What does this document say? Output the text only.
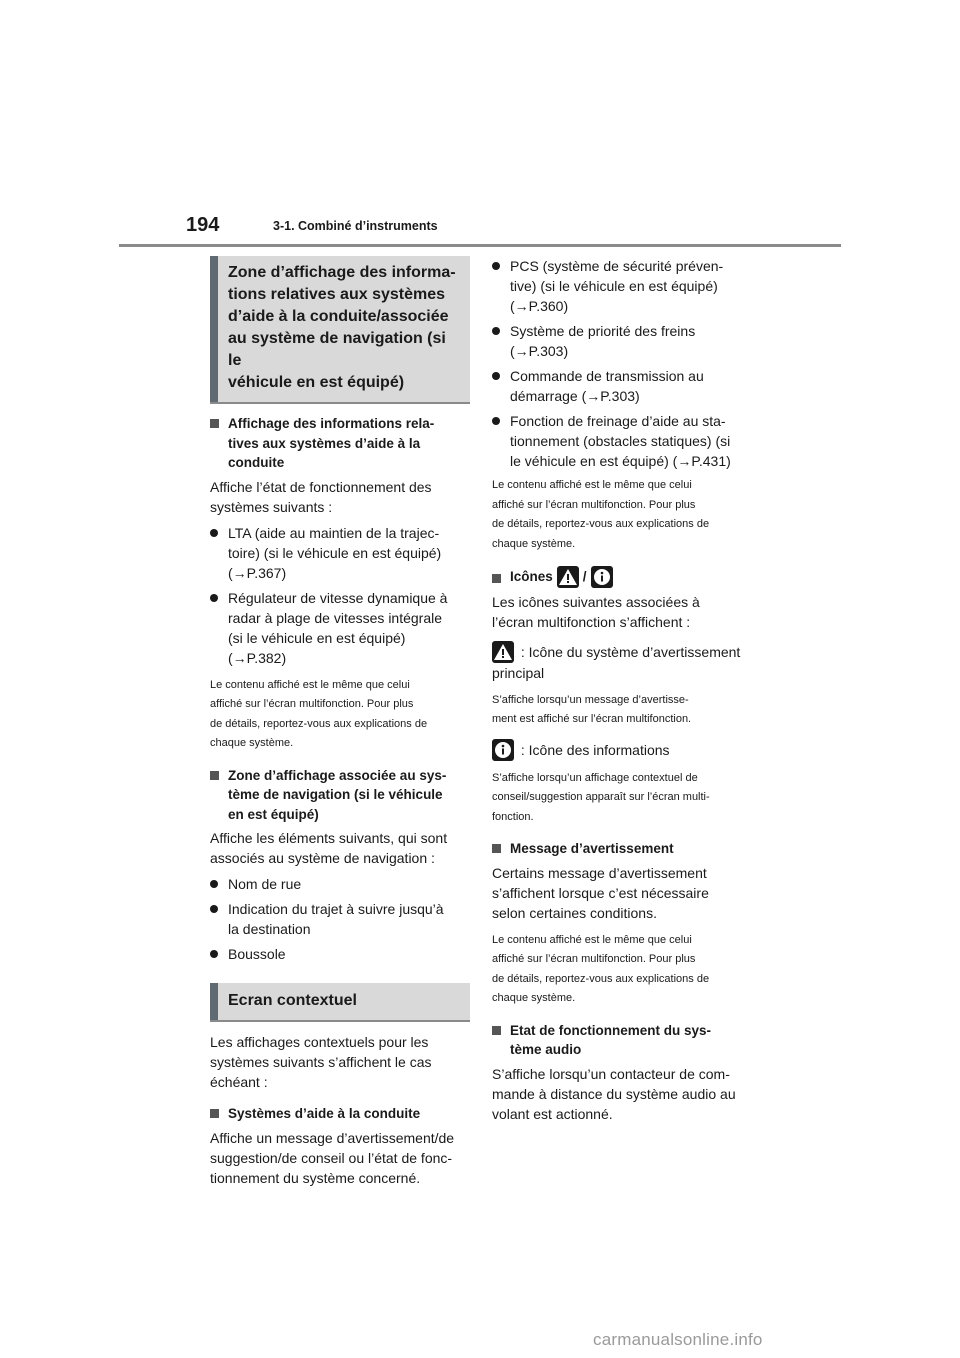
194	3-1. Combiné d’instruments
Zone d’affichage des informa-
tions relatives aux systèmes
d’aide à la conduite/associée
au système de navigation (si le
véhicule en est équipé)
Affichage des informations rela-
tives aux systèmes d’aide à la
conduite
Affiche l’état de fonctionnement des
systèmes suivants :
LTA (aide au maintien de la trajec-
toire) (si le véhicule en est équipé)
(→P.367)
Régulateur de vitesse dynamique à
radar à plage de vitesses intégrale
(si le véhicule en est équipé)
(→P.382)
Le contenu affiché est le même que celui
affiché sur l’écran multifonction. Pour plus
de détails, reportez-vous aux explications de
chaque système.
Zone d’affichage associée au sys-
tème de navigation (si le véhicule
en est équipé)
Affiche les éléments suivants, qui sont
associés au système de navigation :
Nom de rue
Indication du trajet à suivre jusqu’à
la destination
Boussole
Ecran contextuel
Les affichages contextuels pour les
systèmes suivants s’affichent le cas
échéant :
Systèmes d’aide à la conduite
Affiche un message d’avertissement/de
suggestion/de conseil ou l’état de fonc-
tionnement du système concerné.
PCS (système de sécurité préven-
tive) (si le véhicule en est équipé)
(→P.360)
Système de priorité des freins
(→P.303)
Commande de transmission au
démarrage (→P.303)
Fonction de freinage d’aide au sta-
tionnement (obstacles statiques) (si
le véhicule en est équipé) (→P.431)
Le contenu affiché est le même que celui
affiché sur l’écran multifonction. Pour plus
de détails, reportez-vous aux explications de
chaque système.
Icônes /
Les icônes suivantes associées à
l’écran multifonction s’affichent :
: Icône du système d’avertissement
principal
S’affiche lorsqu’un message d’avertisse-
ment est affiché sur l’écran multifonction.
: Icône des informations
S’affiche lorsqu’un affichage contextuel de
conseil/suggestion apparaît sur l’écran multi-
fonction.
Message d’avertissement
Certains message d’avertissement
s’affichent lorsque c’est nécessaire
selon certaines conditions.
Le contenu affiché est le même que celui
affiché sur l’écran multifonction. Pour plus
de détails, reportez-vous aux explications de
chaque système.
Etat de fonctionnement du sys-
tème audio
S’affiche lorsqu’un contacteur de com-
mande à distance du système audio au
volant est actionné.
carmanualsonline.info
